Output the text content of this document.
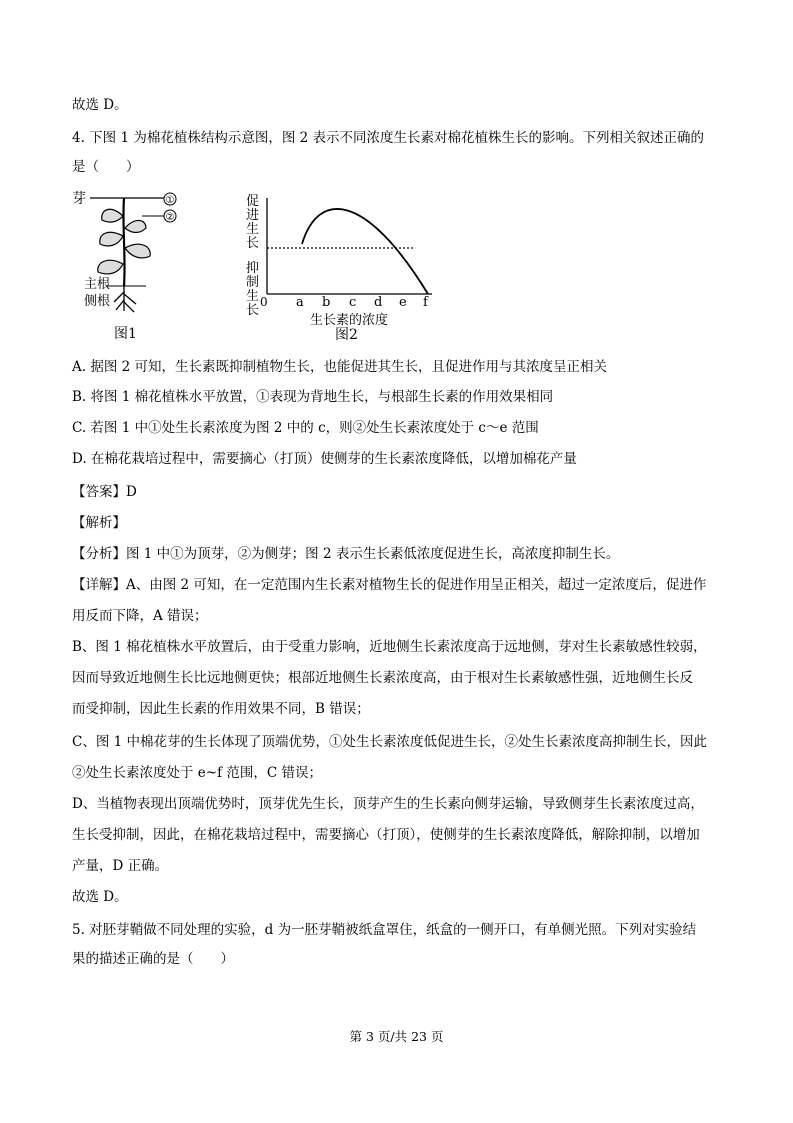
故选 D。
4. 下图 1 为棉花植株结构示意图，图 2 表示不同浓度生长素对棉花植株生长的影响。下列相关叙述正确的
是（　　）
芽	①
②
主根
侧根
图1
促
进
生
长
抑
制
生
长
0 a b c d e f
生长素的浓度
图2
A. 据图 2 可知，生长素既抑制植物生长，也能促进其生长，且促进作用与其浓度呈正相关
B. 将图 1 棉花植株水平放置，①表现为背地生长，与根部生长素的作用效果相同
C. 若图 1 中①处生长素浓度为图 2 中的 c，则②处生长素浓度处于 c～e 范围
D. 在棉花栽培过程中，需要摘心（打顶）使侧芽的生长素浓度降低，以增加棉花产量
【答案】D
【解析】
【分析】图 1 中①为顶芽，②为侧芽；图 2 表示生长素低浓度促进生长，高浓度抑制生长。
【详解】A、由图 2 可知，在一定范围内生长素对植物生长的促进作用呈正相关，超过一定浓度后，促进作
用反而下降，A 错误；
B、图 1 棉花植株水平放置后，由于受重力影响，近地侧生长素浓度高于远地侧，芽对生长素敏感性较弱，
因而导致近地侧生长比远地侧更快；根部近地侧生长素浓度高，由于根对生长素敏感性强，近地侧生长反
而受抑制，因此生长素的作用效果不同，B 错误；
C、图 1 中棉花芽的生长体现了顶端优势，①处生长素浓度低促进生长，②处生长素浓度高抑制生长，因此
②处生长素浓度处于 e~f 范围，C 错误；
D、当植物表现出顶端优势时，顶芽优先生长，顶芽产生的生长素向侧芽运输，导致侧芽生长素浓度过高，
生长受抑制，因此，在棉花栽培过程中，需要摘心（打顶），使侧芽的生长素浓度降低，解除抑制，以增加
产量，D 正确。
故选 D。
5. 对胚芽鞘做不同处理的实验，d 为一胚芽鞘被纸盒罩住，纸盒的一侧开口，有单侧光照。下列对实验结
果的描述正确的是（　　）
第 3 页/共 23 页
